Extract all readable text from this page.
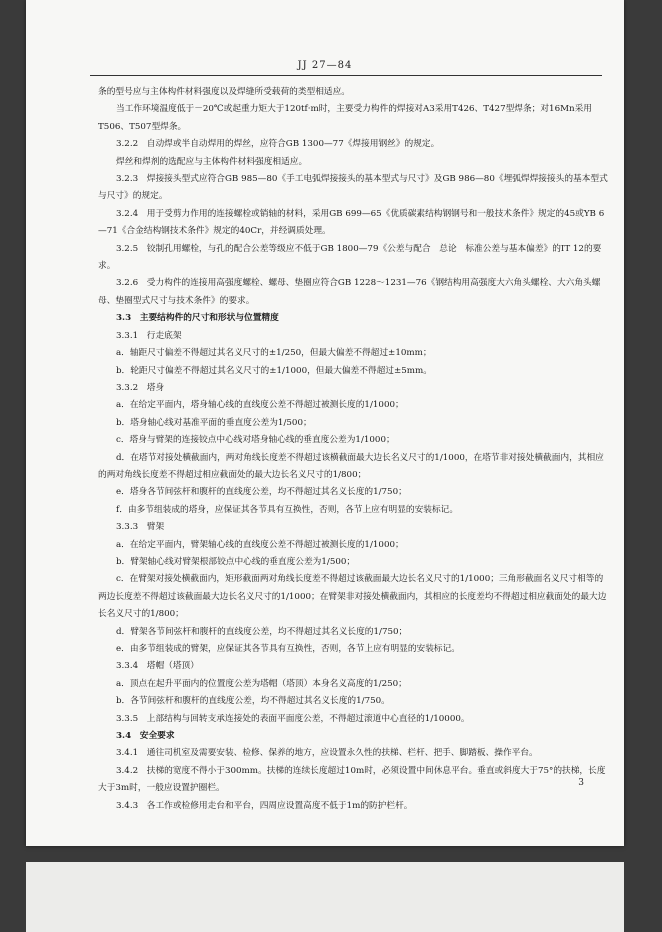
JJ 27—84

条的型号应与主体构件材料强度以及焊缝所受载荷的类型相适应。

当工作环境温度低于－20℃或起重力矩大于120tf·m时，主要受力构件的焊接对A3采用T426、T427型焊条；对16Mn采用T506、T507型焊条。

3.2.2　自动焊或半自动焊用的焊丝，应符合GB 1300—77《焊接用钢丝》的规定。

焊丝和焊剂的选配应与主体构件材料强度相适应。

3.2.3　焊接接头型式应符合GB 985—80《手工电弧焊接接头的基本型式与尺寸》及GB 986—80《埋弧焊焊接接头的基本型式与尺寸》的规定。

3.2.4　用于受剪力作用的连接螺栓或销轴的材料，采用GB 699—65《优质碳素结构钢钢号和一般技术条件》规定的45或YB 6—71《合金结构钢技术条件》规定的40Cr，并经调质处理。

3.2.5　铰制孔用螺栓，与孔的配合公差等级应不低于GB 1800—79《公差与配合　总论　标准公差与基本偏差》的IT 12的要求。

3.2.6　受力构件的连接用高强度螺栓、螺母、垫圈应符合GB 1228～1231—76《钢结构用高强度大六角头螺栓、大六角头螺母、垫圈型式尺寸与技术条件》的要求。

3.3　主要结构件的尺寸和形状与位置精度

3.3.1　行走底架

a．轴距尺寸偏差不得超过其名义尺寸的±1/250，但最大偏差不得超过±10mm；

b．轮距尺寸偏差不得超过其名义尺寸的±1/1000，但最大偏差不得超过±5mm。

3.3.2　塔身

a．在给定平面内，塔身轴心线的直线度公差不得超过被测长度的1/1000；

b．塔身轴心线对基准平面的垂直度公差为1/500；

c．塔身与臂架的连接铰点中心线对塔身轴心线的垂直度公差为1/1000；

d．在塔节对接处横截面内，两对角线长度差不得超过该横截面最大边长名义尺寸的1/1000，在塔节非对接处横截面内，其相应的两对角线长度差不得超过相应截面处的最大边长名义尺寸的1/800；

e．塔身各节间弦杆和腹杆的直线度公差，均不得超过其名义长度的1/750；

f．由多节组装成的塔身，应保证其各节具有互换性，否则，各节上应有明显的安装标记。

3.3.3　臂架

a．在给定平面内，臂架轴心线的直线度公差不得超过被测长度的1/1000；

b．臂架轴心线对臂架根部铰点中心线的垂直度公差为1/500；

c．在臂架对接处横截面内，矩形截面两对角线长度差不得超过该截面最大边长名义尺寸的1/1000；三角形截面名义尺寸相等的两边长度差不得超过该截面最大边长名义尺寸的1/1000；在臂架非对接处横截面内，其相应的长度差均不得超过相应截面处的最大边长名义尺寸的1/800；

d．臂架各节间弦杆和腹杆的直线度公差，均不得超过其名义长度的1/750；

e．由多节组装成的臂架，应保证其各节具有互换性，否则，各节上应有明显的安装标记。

3.3.4　塔帽（塔顶）

a．顶点在起升平面内的位置度公差为塔帽（塔顶）本身名义高度的1/250；

b．各节间弦杆和腹杆的直线度公差，均不得超过其名义长度的1/750。

3.3.5　上部结构与回转支承连接处的表面平面度公差，不得超过滚道中心直径的1/10000。

3.4　安全要求

3.4.1　通往司机室及需要安装、检修、保养的地方，应设置永久性的扶梯、栏杆、把手、脚踏板、操作平台。

3.4.2　扶梯的宽度不得小于300mm。扶梯的连续长度超过10m时，必须设置中间休息平台。垂直或斜度大于75°的扶梯，长度大于3m时，一般应设置护圈栏。

3.4.3　各工作或检修用走台和平台，四周应设置高度不低于1m的防护栏杆。

3
